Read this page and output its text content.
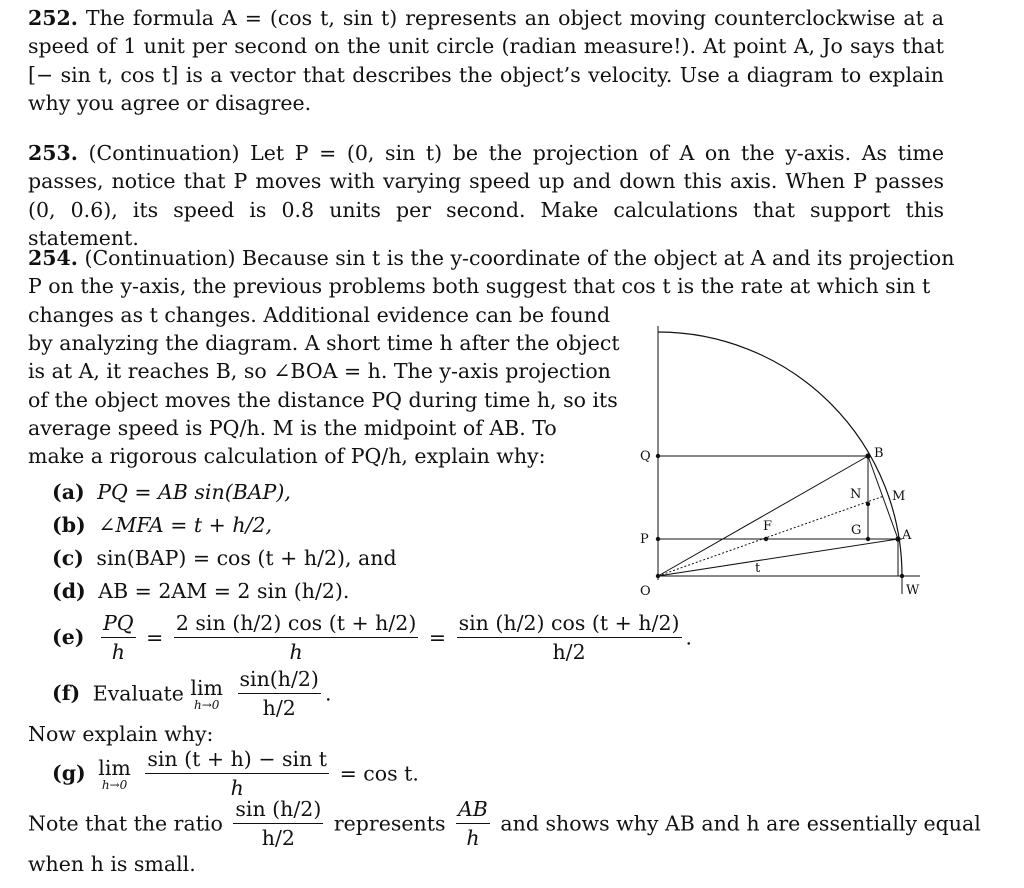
252. The formula A = (cos t, sin t) represents an object moving counterclockwise at a speed of 1 unit per second on the unit circle (radian measure!). At point A, Jo says that [− sin t, cos t] is a vector that describes the object’s velocity. Use a diagram to explain why you agree or disagree.
253. (Continuation) Let P = (0, sin t) be the projection of A on the y-axis. As time passes, notice that P moves with varying speed up and down this axis. When P passes (0, 0.6), its speed is 0.8 units per second. Make calculations that support this statement.
254. (Continuation) Because sin t is the y-coordinate of the object at A and its projection
P on the y-axis, the previous problems both suggest that cos t is the rate at which sin t
changes as t changes. Additional evidence can be found
by analyzing the diagram. A short time h after the object
is at A, it reaches B, so ∠BOA = h. The y-axis projection
of the object moves the distance PQ during time h, so its
average speed is PQ/h. M is the midpoint of AB. To
make a rigorous calculation of PQ/h, explain why:
(a) PQ = AB sin(BAP),
(b) ∠MFA = t + h/2,
(c) sin(BAP) = cos (t + h/2), and
(d) AB = 2AM = 2 sin (h/2).
$(e) \frac{PQ}{h} = \frac{2 \sin (h/2) \cos (t + h/2)}{h} = \frac{\sin (h/2) \cos (t + h/2)}{h/2}$ .
(f) Evaluate lim
h→0
$\frac{\sin(h/2)}{h/2}$ .
Now explain why:
(g) lim
h→0
$\frac{\text{sin (t + h) − sin t}}{h} = \cos t$.
Note that the ratio $\frac{\sin (h/2)}{h/2}$ represents $\frac{AB}{h}$ and shows why AB and h are essentially equal
when h is small.
Q
P
O
B
N M
F	G	A
W
t
